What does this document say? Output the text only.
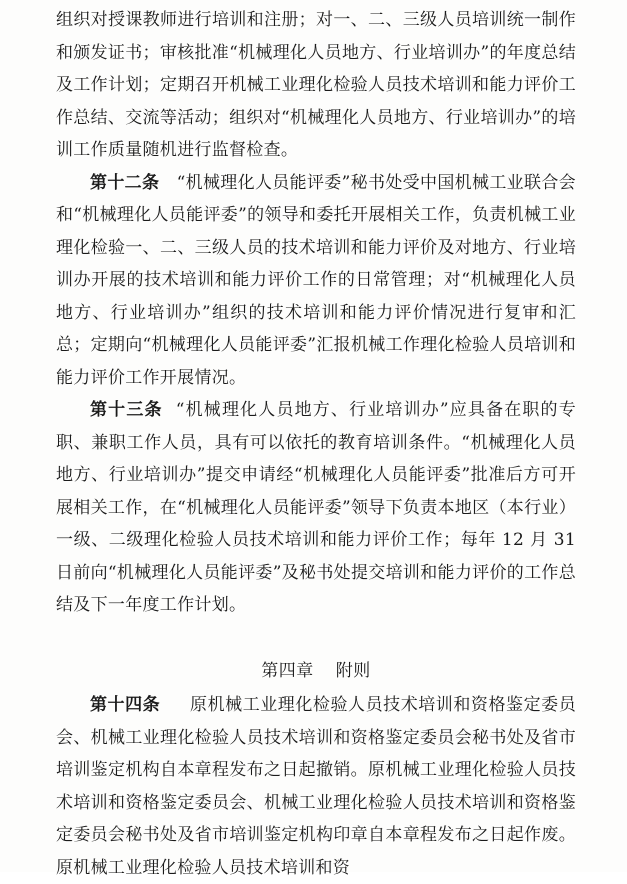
组织对授课教师进行培训和注册；对一、二、三级人员培训统一制作和颁发证书；审核批准“机械理化人员地方、行业培训办”的年度总结及工作计划；定期召开机械工业理化检验人员技术培训和能力评价工作总结、交流等活动；组织对“机械理化人员地方、行业培训办”的培训工作质量随机进行监督检查。

第十二条 “机械理化人员能评委”秘书处受中国机械工业联合会和“机械理化人员能评委”的领导和委托开展相关工作，负责机械工业理化检验一、二、三级人员的技术培训和能力评价及对地方、行业培训办开展的技术培训和能力评价工作的日常管理；对“机械理化人员地方、行业培训办”组织的技术培训和能力评价情况进行复审和汇总；定期向“机械理化人员能评委”汇报机械工作理化检验人员培训和能力评价工作开展情况。

第十三条 “机械理化人员地方、行业培训办”应具备在职的专职、兼职工作人员，具有可以依托的教育培训条件。“机械理化人员地方、行业培训办”提交申请经“机械理化人员能评委”批准后方可开展相关工作，在“机械理化人员能评委”领导下负责本地区（本行业）一级、二级理化检验人员技术培训和能力评价工作；每年 12 月 31 日前向“机械理化人员能评委”及秘书处提交培训和能力评价的工作总结及下一年度工作计划。

第四章 附则

第十四条 原机械工业理化检验人员技术培训和资格鉴定委员会、机械工业理化检验人员技术培训和资格鉴定委员会秘书处及省市培训鉴定机构自本章程发布之日起撤销。原机械工业理化检验人员技术培训和资格鉴定委员会、机械工业理化检验人员技术培训和资格鉴定委员会秘书处及省市培训鉴定机构印章自本章程发布之日起作废。原机械工业理化检验人员技术培训和资
